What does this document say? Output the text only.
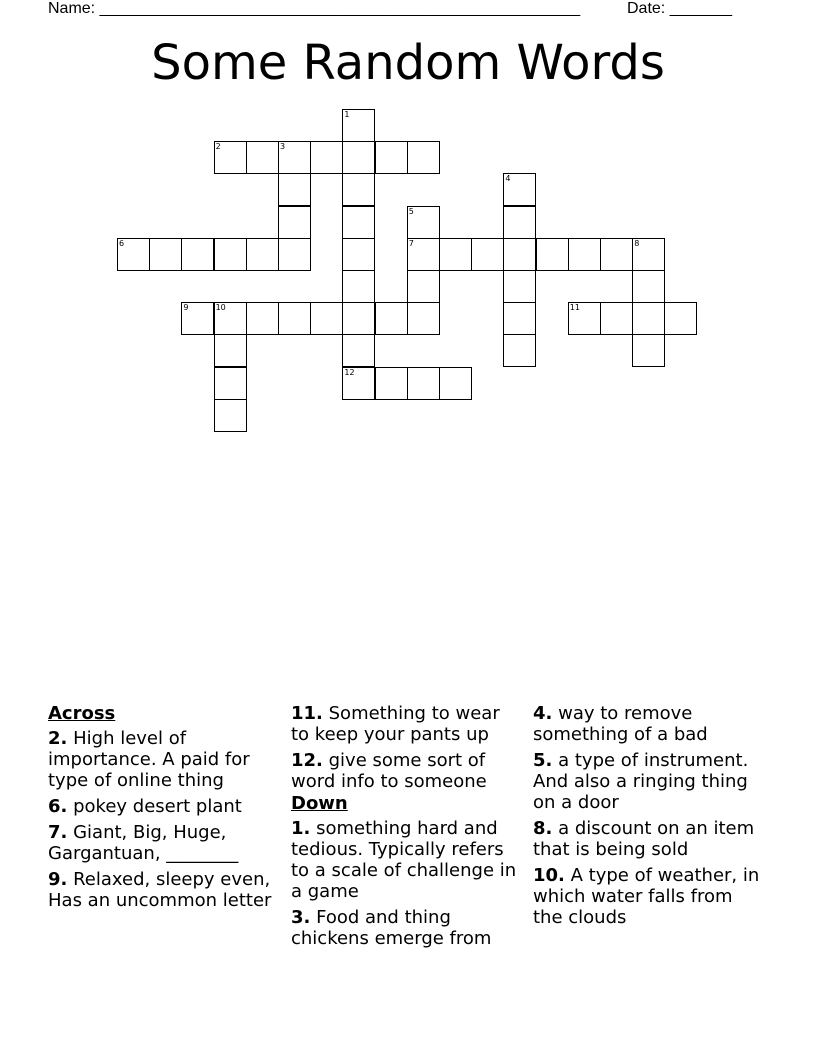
Name: ______________________________________________________	Date: _______
Some Random Words
2	3
6	7	8
9	10	11
12
1
4
5
Across
2. High level of importance. A paid for type of online thing
6. pokey desert plant
7. Giant, Big, Huge, Gargantuan, ________
9. Relaxed, sleepy even, Has an uncommon letter
11. Something to wear to keep your pants up
12. give some sort of word info to someone
Down
1. something hard and tedious. Typically refers to a scale of challenge in a game
3. Food and thing chickens emerge from
4. way to remove something of a bad
5. a type of instrument. And also a ringing thing on a door
8. a discount on an item that is being sold
10. A type of weather, in which water falls from the clouds
